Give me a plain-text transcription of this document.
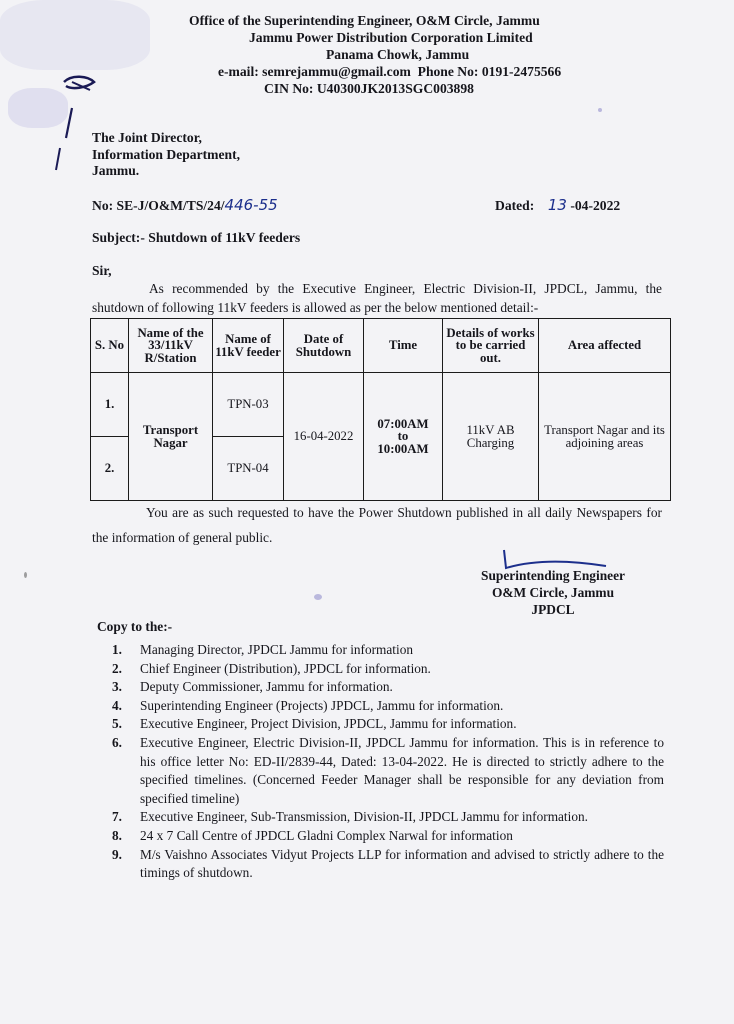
Office of the Superintending Engineer, O&M Circle, Jammu
Jammu Power Distribution Corporation Limited
Panama Chowk, Jammu
e-mail: semrejammu@gmail.com Phone No: 0191-2475566
CIN No: U40300JK2013SGC003898
The Joint Director,
Information Department,
Jammu.
No: SE-J/O&M/TS/24/446-55	Dated: 13 -04-2022
Subject:- Shutdown of 11kV feeders
Sir,
As recommended by the Executive Engineer, Electric Division-II, JPDCL, Jammu, the shutdown of following 11kV feeders is allowed as per the below mentioned detail:-
S. No	Name of the 33/11kV R/Station	Name of 11kV feeder	Date of Shutdown	Time	Details of works to be carried out.	Area affected
1.	Transport Nagar	TPN-03	16-04-2022	07:00AM
to
10:00AM	11kV AB Charging	Transport Nagar and its adjoining areas
2.		TPN-04				
You are as such requested to have the Power Shutdown published in all daily Newspapers for the information of general public.
Superintending Engineer
O&M Circle, Jammu
JPDCL
Copy to the:-
1. Managing Director, JPDCL Jammu for information
2. Chief Engineer (Distribution), JPDCL for information.
3. Deputy Commissioner, Jammu for information.
4. Superintending Engineer (Projects) JPDCL, Jammu for information.
5. Executive Engineer, Project Division, JPDCL, Jammu for information.
6. Executive Engineer, Electric Division-II, JPDCL Jammu for information. This is in reference to his office letter No: ED-II/2839-44, Dated: 13-04-2022. He is directed to strictly adhere to the specified timelines. (Concerned Feeder Manager shall be responsible for any deviation from specified timeline)
7. Executive Engineer, Sub-Transmission, Division-II, JPDCL Jammu for information.
8. 24 x 7 Call Centre of JPDCL Gladni Complex Narwal for information
9. M/s Vaishno Associates Vidyut Projects LLP for information and advised to strictly adhere to the timings of shutdown.
